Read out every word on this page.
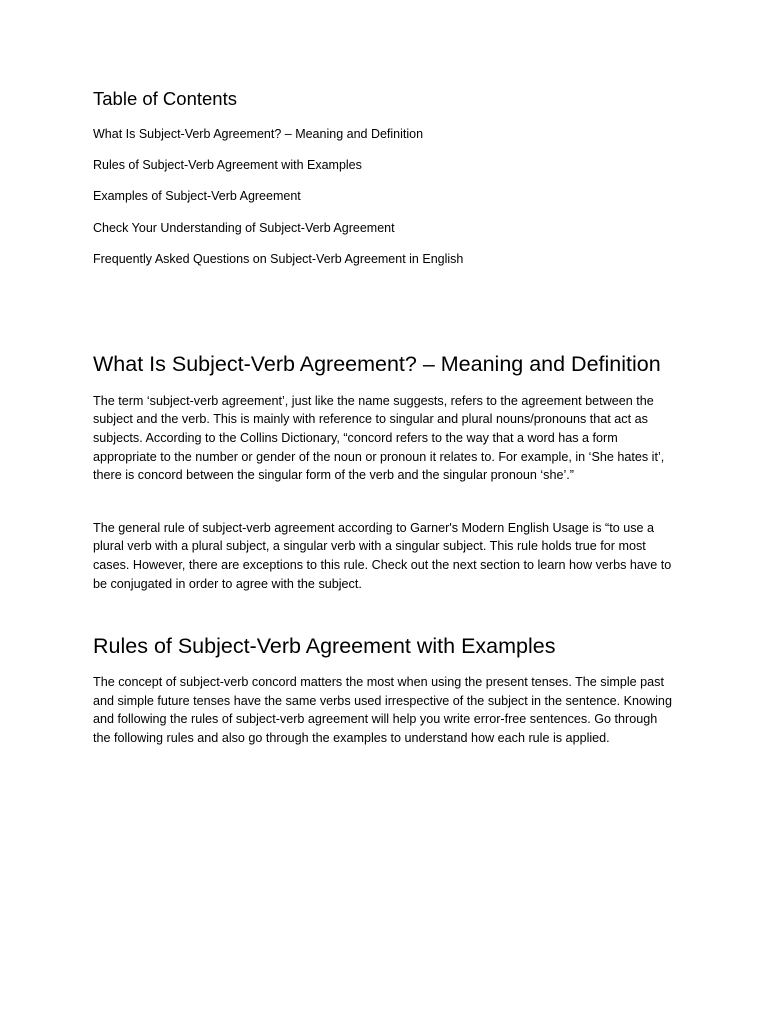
Table of Contents
What Is Subject-Verb Agreement? – Meaning and Definition
Rules of Subject-Verb Agreement with Examples
Examples of Subject-Verb Agreement
Check Your Understanding of Subject-Verb Agreement
Frequently Asked Questions on Subject-Verb Agreement in English
What Is Subject-Verb Agreement? – Meaning and Definition

The term ‘subject-verb agreement’, just like the name suggests, refers to the agreement between the subject and the verb. This is mainly with reference to singular and plural nouns/pronouns that act as subjects. According to the Collins Dictionary, “concord refers to the way that a word has a form appropriate to the number or gender of the noun or pronoun it relates to. For example, in ‘She hates it’, there is concord between the singular form of the verb and the singular pronoun ‘she’.”

The general rule of subject-verb agreement according to Garner's Modern English Usage is “to use a plural verb with a plural subject, a singular verb with a singular subject. This rule holds true for most cases. However, there are exceptions to this rule. Check out the next section to learn how verbs have to be conjugated in order to agree with the subject.

Rules of Subject-Verb Agreement with Examples

The concept of subject-verb concord matters the most when using the present tenses. The simple past and simple future tenses have the same verbs used irrespective of the subject in the sentence. Knowing and following the rules of subject-verb agreement will help you write error-free sentences. Go through the following rules and also go through the examples to understand how each rule is applied.
